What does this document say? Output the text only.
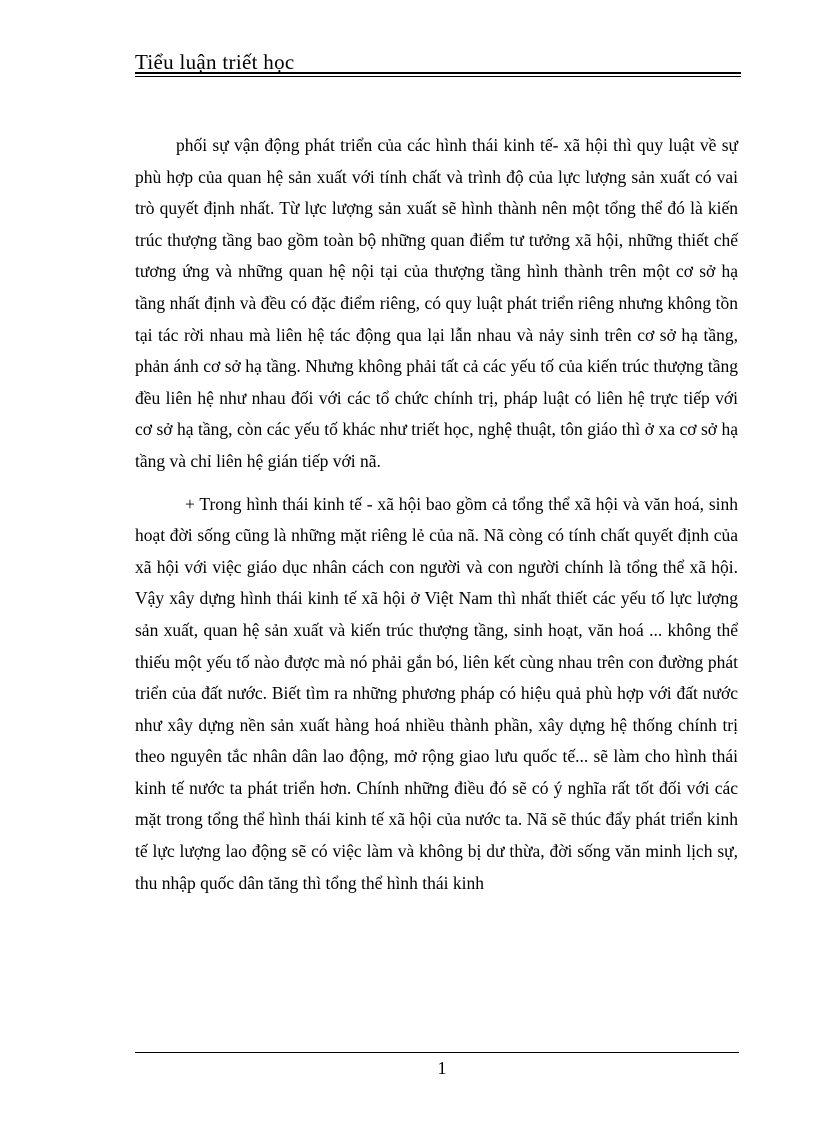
Tiểu luận triết học

phối sự vận động phát triển của các hình thái kinh tế- xã hội thì quy luật về sự phù hợp của quan hệ sản xuất với tính chất và trình độ của lực lượng sản xuất có vai trò quyết định nhất. Từ lực lượng sản xuất sẽ hình thành nên một tổng thể đó là kiến trúc thượng tầng bao gồm toàn bộ những quan điểm tư tưởng xã hội, những thiết chế tương ứng và những quan hệ nội tại của thượng tầng hình thành trên một cơ sở hạ tầng nhất định và đều có đặc điểm riêng, có quy luật phát triển riêng nhưng không tồn tại tác rời nhau mà liên hệ tác động qua lại lẫn nhau và nảy sinh trên cơ sở hạ tầng, phản ánh cơ sở hạ tầng. Nhưng không phải tất cả các yếu tố của kiến trúc thượng tầng đều liên hệ như nhau đối với các tổ chức chính trị, pháp luật có liên hệ trực tiếp với cơ sở hạ tầng, còn các yếu tố khác như triết học, nghệ thuật, tôn giáo thì ở xa cơ sở hạ tầng và chỉ liên hệ gián tiếp với nã.

+ Trong hình thái kinh tế - xã hội bao gồm cả tổng thể xã hội và văn hoá, sinh hoạt đời sống cũng là những mặt riêng lẻ của nã. Nã còng có tính chất quyết định của xã hội với việc giáo dục nhân cách con người và con người chính là tổng thể xã hội. Vậy xây dựng hình thái kinh tế xã hội ở Việt Nam thì nhất thiết các yếu tố lực lượng sản xuất, quan hệ sản xuất và kiến trúc thượng tầng, sinh hoạt, văn hoá ... không thể thiếu một yếu tố nào được mà nó phải gắn bó, liên kết cùng nhau trên con đường phát triển của đất nước. Biết tìm ra những phương pháp có hiệu quả phù hợp với đất nước như xây dựng nền sản xuất hàng hoá nhiều thành phần, xây dựng hệ thống chính trị theo nguyên tắc nhân dân lao động, mở rộng giao lưu quốc tế... sẽ làm cho hình thái kinh tế nước ta phát triển hơn. Chính những điều đó sẽ có ý nghĩa rất tốt đối với các mặt trong tổng thể hình thái kinh tế xã hội của nước ta. Nã sẽ thúc đẩy phát triển kinh tế lực lượng lao động sẽ có việc làm và không bị dư thừa, đời sống văn minh lịch sự, thu nhập quốc dân tăng thì tổng thể hình thái kinh

1
